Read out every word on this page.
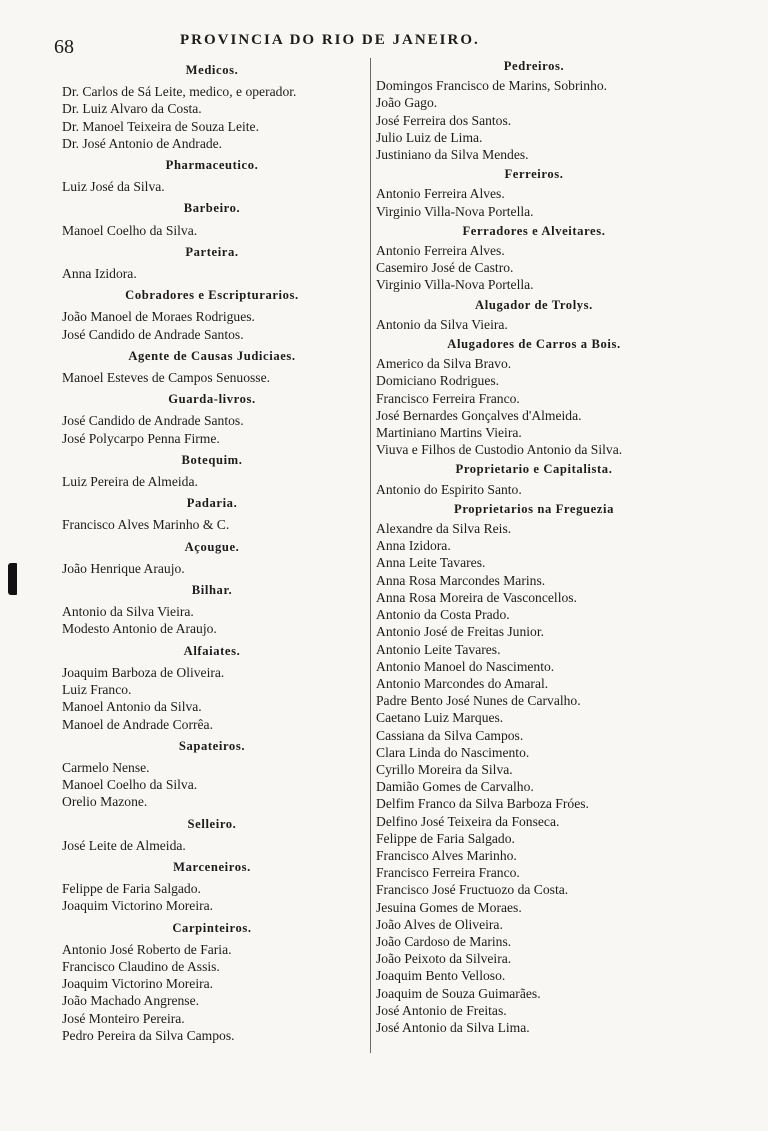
68	PROVINCIA DO RIO DE JANEIRO.
Medicos.
Dr. Carlos de Sá Leite, medico, e operador.
Dr. Luiz Alvaro da Costa.
Dr. Manoel Teixeira de Souza Leite.
Dr. José Antonio de Andrade.
Pharmaceutico.
Luiz José da Silva.
Barbeiro.
Manoel Coelho da Silva.
Parteira.
Anna Izidora.
Cobradores e Escripturarios.
João Manoel de Moraes Rodrigues.
José Candido de Andrade Santos.
Agente de Causas Judiciaes.
Manoel Esteves de Campos Senuosse.
Guarda-livros.
José Candido de Andrade Santos.
José Polycarpo Penna Firme.
Botequim.
Luiz Pereira de Almeida.
Padaria.
Francisco Alves Marinho & C.
Açougue.
João Henrique Araujo.
Bilhar.
Antonio da Silva Vieira.
Modesto Antonio de Araujo.
Alfaiates.
Joaquim Barboza de Oliveira.
Luiz Franco.
Manoel Antonio da Silva.
Manoel de Andrade Corrêa.
Sapateiros.
Carmelo Nense.
Manoel Coelho da Silva.
Orelio Mazone.
Selleiro.
José Leite de Almeida.
Marceneiros.
Felippe de Faria Salgado.
Joaquim Victorino Moreira.
Carpinteiros.
Antonio José Roberto de Faria.
Francisco Claudino de Assis.
Joaquim Victorino Moreira.
João Machado Angrense.
José Monteiro Pereira.
Pedro Pereira da Silva Campos.
Pedreiros.
Domingos Francisco de Marins, Sobrinho.
João Gago.
José Ferreira dos Santos.
Julio Luiz de Lima.
Justiniano da Silva Mendes.
Ferreiros.
Antonio Ferreira Alves.
Virginio Villa-Nova Portella.
Ferradores e Alveitares.
Antonio Ferreira Alves.
Casemiro José de Castro.
Virginio Villa-Nova Portella.
Alugador de Trolys.
Antonio da Silva Vieira.
Alugadores de Carros a Bois.
Americo da Silva Bravo.
Domiciano Rodrigues.
Francisco Ferreira Franco.
José Bernardes Gonçalves d'Almeida.
Martiniano Martins Vieira.
Viuva e Filhos de Custodio Antonio da Silva.
Proprietario e Capitalista.
Antonio do Espirito Santo.
Proprietarios na Freguezia
Alexandre da Silva Reis.
Anna Izidora.
Anna Leite Tavares.
Anna Rosa Marcondes Marins.
Anna Rosa Moreira de Vasconcellos.
Antonio da Costa Prado.
Antonio José de Freitas Junior.
Antonio Leite Tavares.
Antonio Manoel do Nascimento.
Antonio Marcondes do Amaral.
Padre Bento José Nunes de Carvalho.
Caetano Luiz Marques.
Cassiana da Silva Campos.
Clara Linda do Nascimento.
Cyrillo Moreira da Silva.
Damião Gomes de Carvalho.
Delfim Franco da Silva Barboza Fróes.
Delfino José Teixeira da Fonseca.
Felippe de Faria Salgado.
Francisco Alves Marinho.
Francisco Ferreira Franco.
Francisco José Fructuozo da Costa.
Jesuina Gomes de Moraes.
João Alves de Oliveira.
João Cardoso de Marins.
João Peixoto da Silveira.
Joaquim Bento Velloso.
Joaquim de Souza Guimarães.
José Antonio de Freitas.
José Antonio da Silva Lima.
